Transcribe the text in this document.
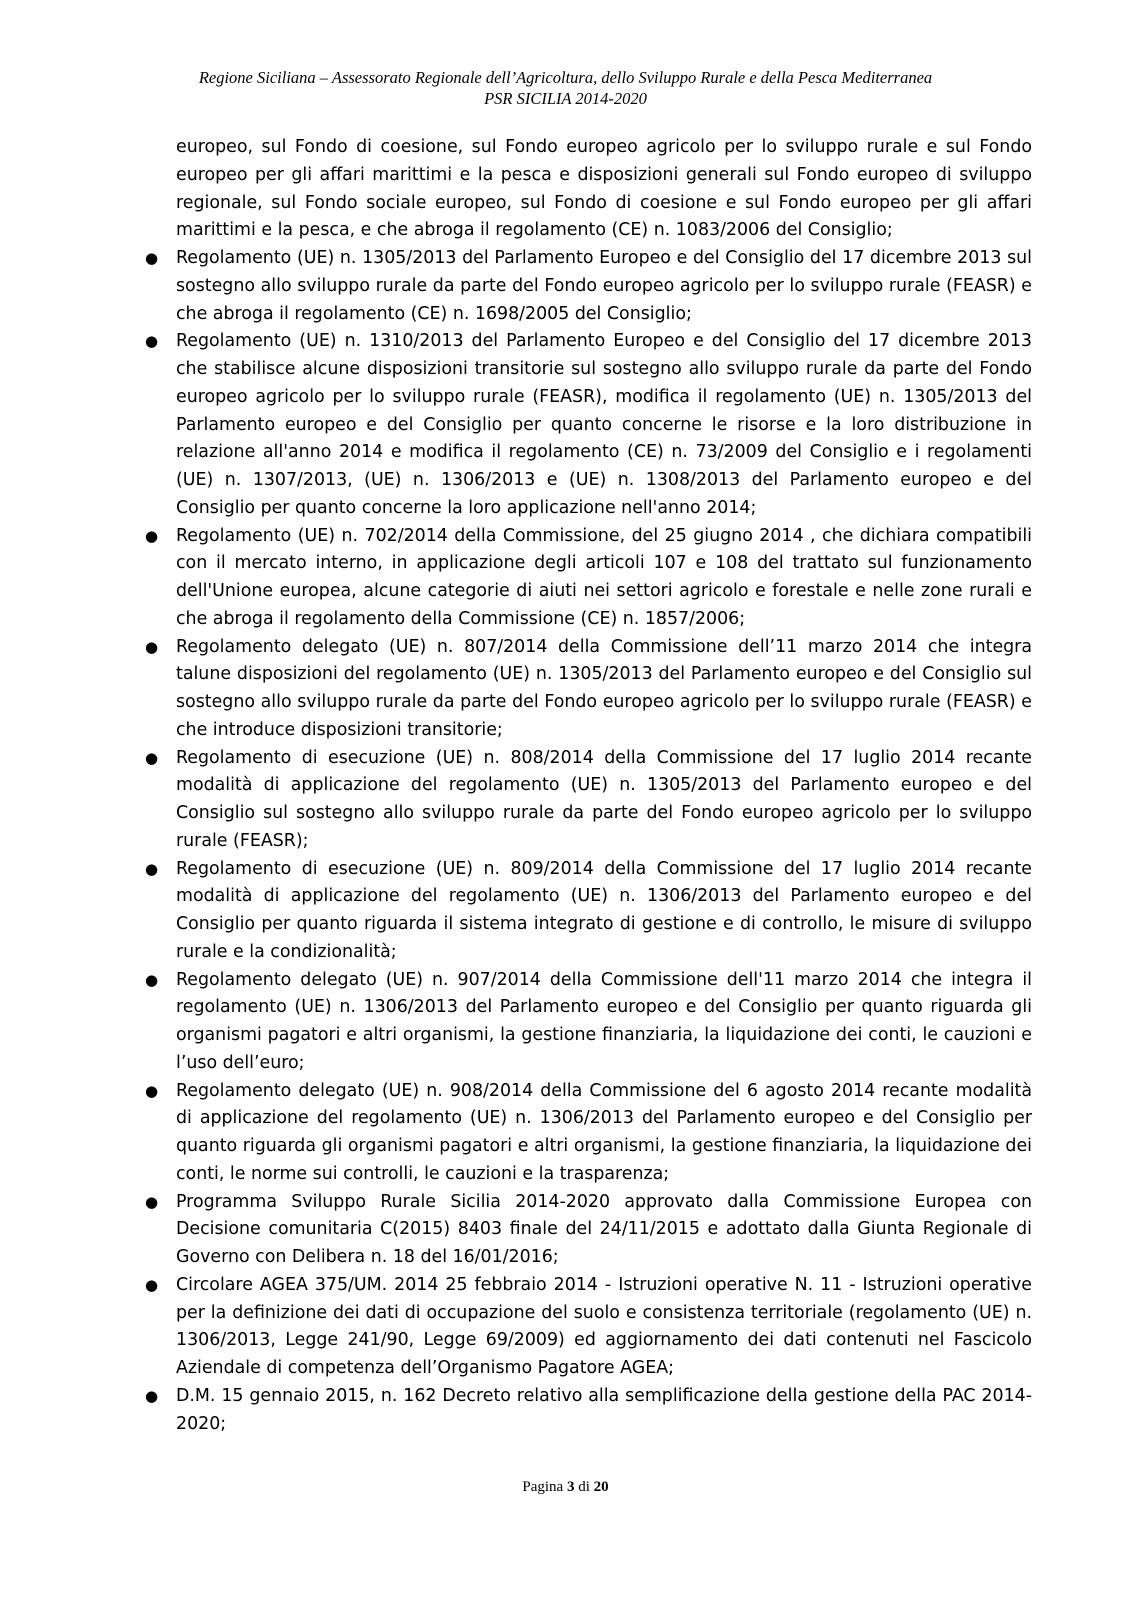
Regione Siciliana – Assessorato Regionale dell’Agricoltura, dello Sviluppo Rurale e della Pesca Mediterranea
PSR SICILIA 2014-2020

europeo, sul Fondo di coesione, sul Fondo europeo agricolo per lo sviluppo rurale e sul Fondo europeo per gli affari marittimi e la pesca e disposizioni generali sul Fondo europeo di sviluppo regionale, sul Fondo sociale europeo, sul Fondo di coesione e sul Fondo europeo per gli affari marittimi e la pesca, e che abroga il regolamento (CE) n. 1083/2006 del Consiglio;

● Regolamento (UE) n. 1305/2013 del Parlamento Europeo e del Consiglio del 17 dicembre 2013 sul sostegno allo sviluppo rurale da parte del Fondo europeo agricolo per lo sviluppo rurale (FEASR) e che abroga il regolamento (CE) n. 1698/2005 del Consiglio;
● Regolamento (UE) n. 1310/2013 del Parlamento Europeo e del Consiglio del 17 dicembre 2013 che stabilisce alcune disposizioni transitorie sul sostegno allo sviluppo rurale da parte del Fondo europeo agricolo per lo sviluppo rurale (FEASR), modifica il regolamento (UE) n. 1305/2013 del Parlamento europeo e del Consiglio per quanto concerne le risorse e la loro distribuzione in relazione all'anno 2014 e modifica il regolamento (CE) n. 73/2009 del Consiglio e i regolamenti (UE) n. 1307/2013, (UE) n. 1306/2013 e (UE) n. 1308/2013 del Parlamento europeo e del Consiglio per quanto concerne la loro applicazione nell'anno 2014;
● Regolamento (UE) n. 702/2014 della Commissione, del 25 giugno 2014 , che dichiara compatibili con il mercato interno, in applicazione degli articoli 107 e 108 del trattato sul funzionamento dell'Unione europea, alcune categorie di aiuti nei settori agricolo e forestale e nelle zone rurali e che abroga il regolamento della Commissione (CE) n. 1857/2006;
● Regolamento delegato (UE) n. 807/2014 della Commissione dell’11 marzo 2014 che integra talune disposizioni del regolamento (UE) n. 1305/2013 del Parlamento europeo e del Consiglio sul sostegno allo sviluppo rurale da parte del Fondo europeo agricolo per lo sviluppo rurale (FEASR) e che introduce disposizioni transitorie;
● Regolamento di esecuzione (UE) n. 808/2014 della Commissione del 17 luglio 2014 recante modalità di applicazione del regolamento (UE) n. 1305/2013 del Parlamento europeo e del Consiglio sul sostegno allo sviluppo rurale da parte del Fondo europeo agricolo per lo sviluppo rurale (FEASR);
● Regolamento di esecuzione (UE) n. 809/2014 della Commissione del 17 luglio 2014 recante modalità di applicazione del regolamento (UE) n. 1306/2013 del Parlamento europeo e del Consiglio per quanto riguarda il sistema integrato di gestione e di controllo, le misure di sviluppo rurale e la condizionalità;
● Regolamento delegato (UE) n. 907/2014 della Commissione dell'11 marzo 2014 che integra il regolamento (UE) n. 1306/2013 del Parlamento europeo e del Consiglio per quanto riguarda gli organismi pagatori e altri organismi, la gestione finanziaria, la liquidazione dei conti, le cauzioni e l’uso dell’euro;
● Regolamento delegato (UE) n. 908/2014 della Commissione del 6 agosto 2014 recante modalità di applicazione del regolamento (UE) n. 1306/2013 del Parlamento europeo e del Consiglio per quanto riguarda gli organismi pagatori e altri organismi, la gestione finanziaria, la liquidazione dei conti, le norme sui controlli, le cauzioni e la trasparenza;
● Programma Sviluppo Rurale Sicilia 2014-2020 approvato dalla Commissione Europea con Decisione comunitaria C(2015) 8403 finale del 24/11/2015 e adottato dalla Giunta Regionale di Governo con Delibera n. 18 del 16/01/2016;
● Circolare AGEA 375/UM. 2014 25 febbraio 2014 - Istruzioni operative N. 11 - Istruzioni operative per la definizione dei dati di occupazione del suolo e consistenza territoriale (regolamento (UE) n. 1306/2013, Legge 241/90, Legge 69/2009) ed aggiornamento dei dati contenuti nel Fascicolo Aziendale di competenza dell’Organismo Pagatore AGEA;
● D.M. 15 gennaio 2015, n. 162 Decreto relativo alla semplificazione della gestione della PAC 2014-2020;
Pagina 3 di 20
